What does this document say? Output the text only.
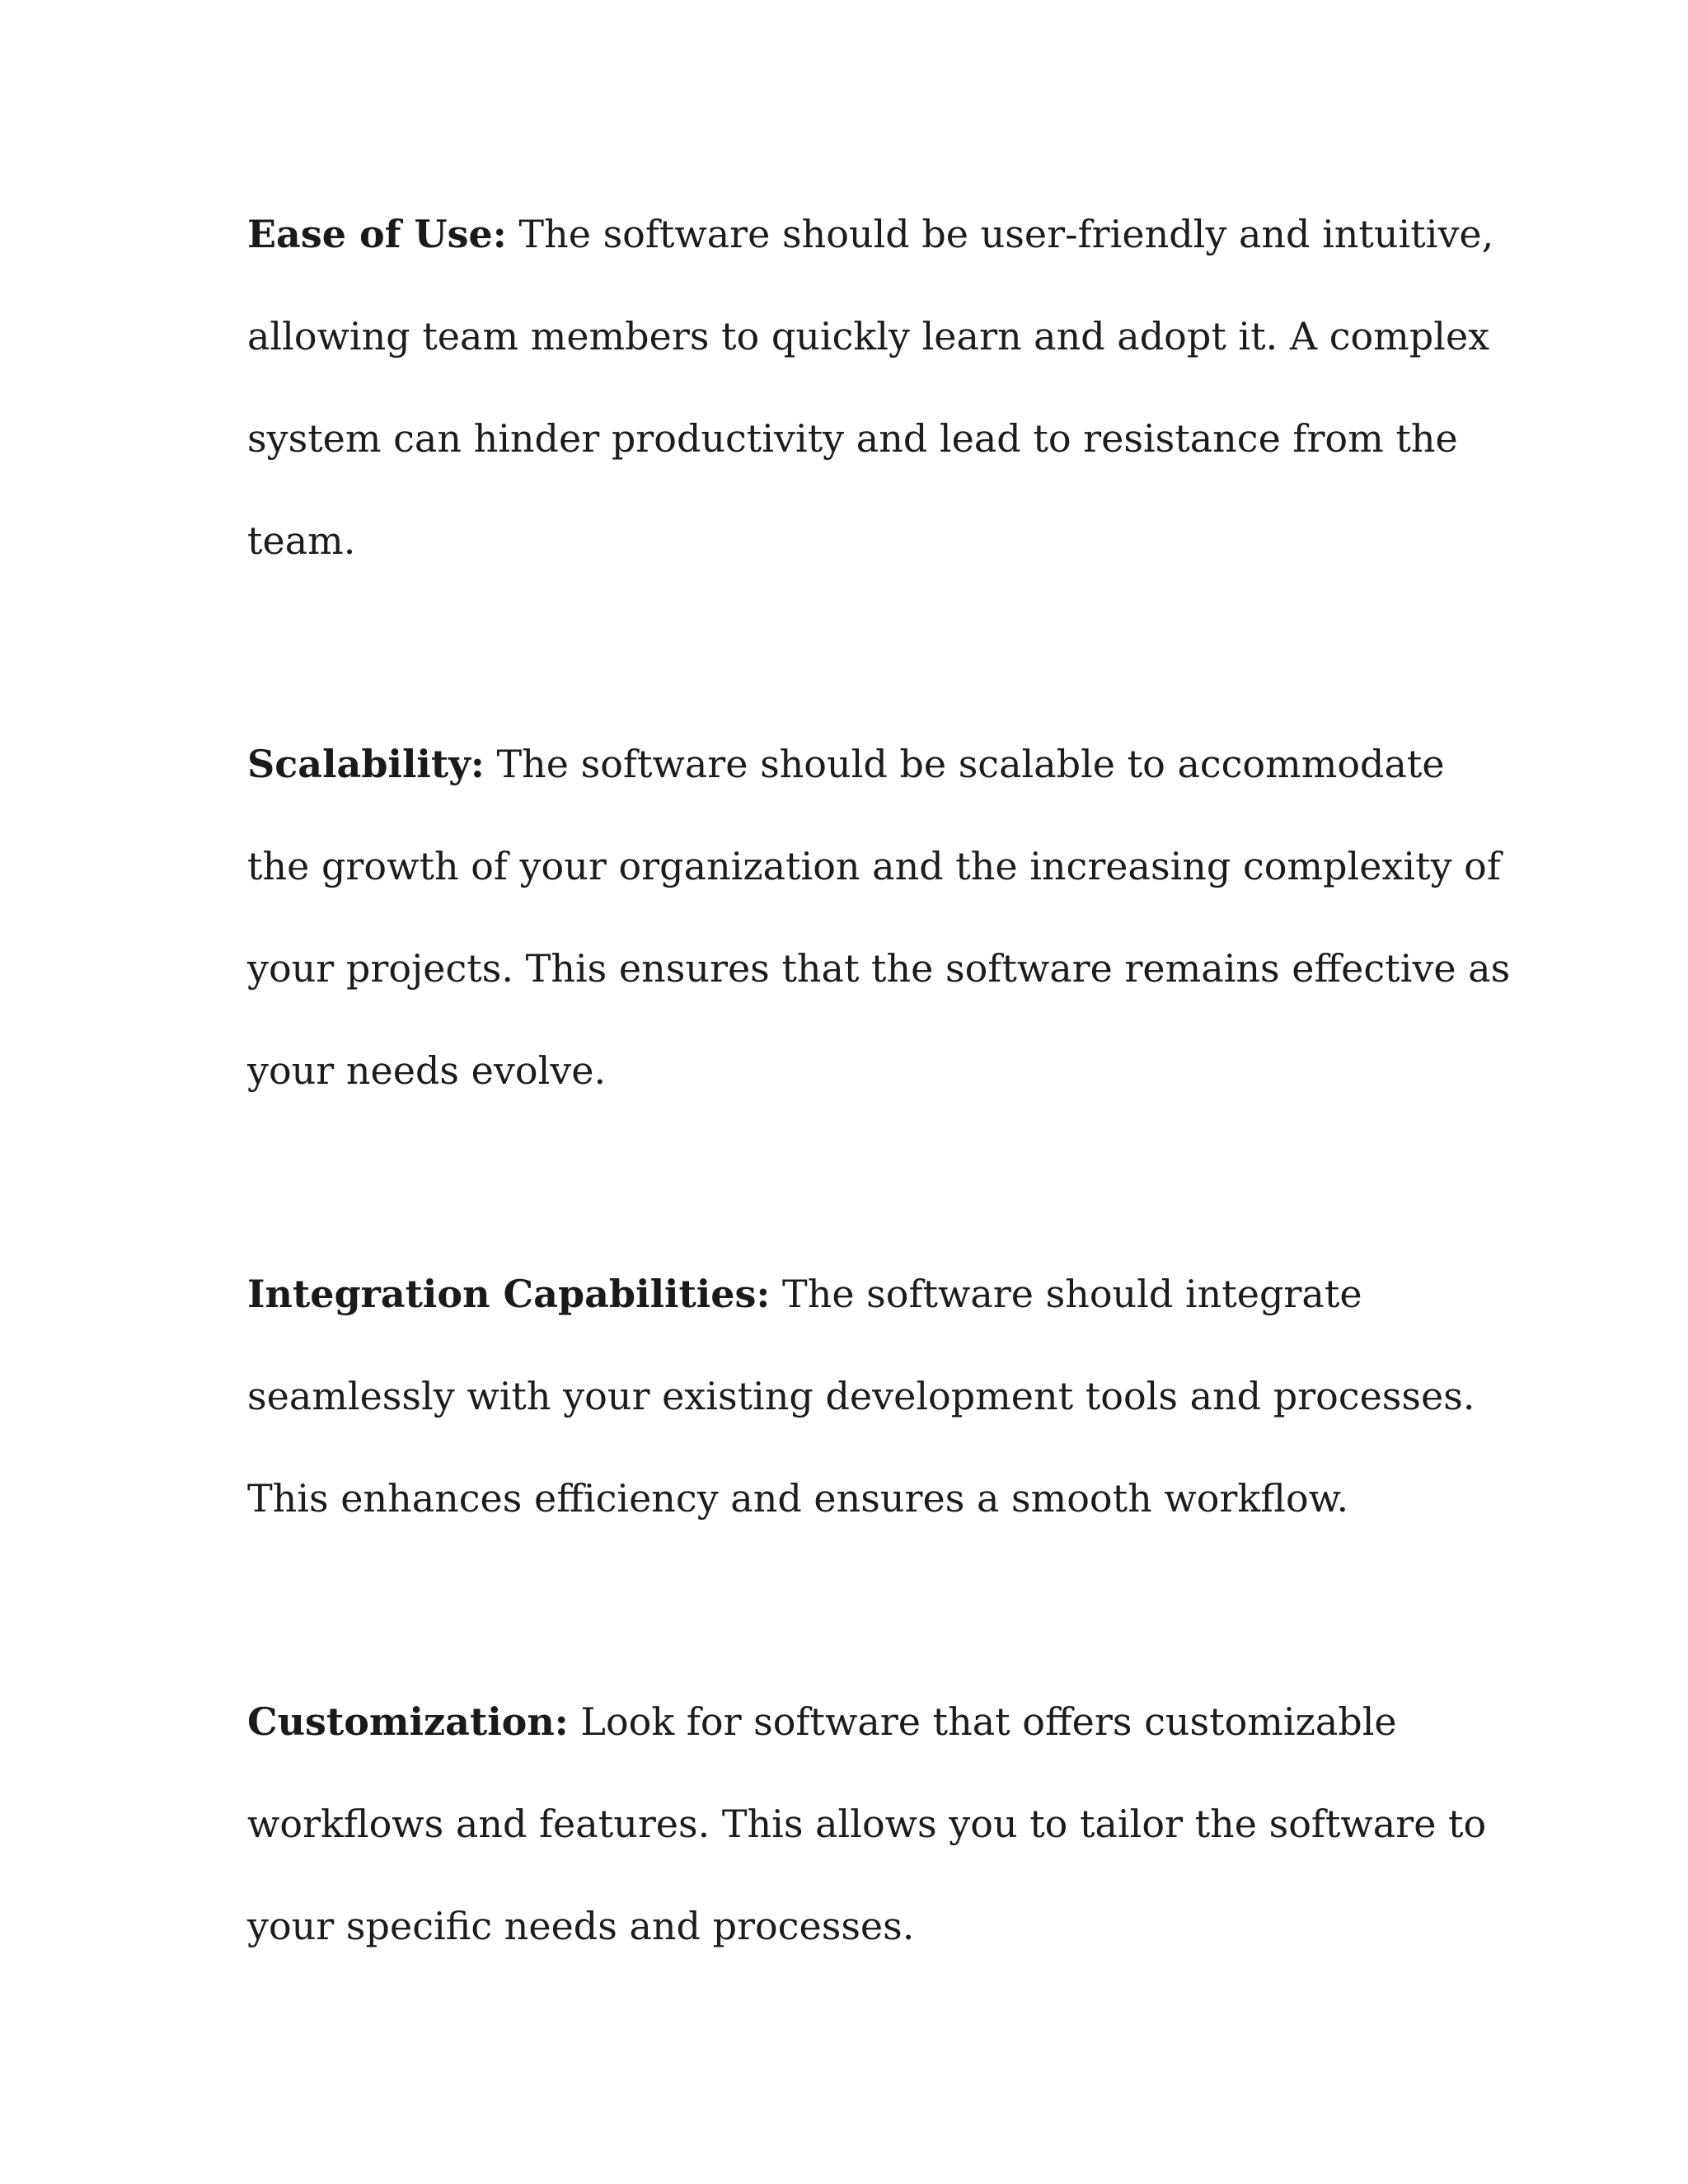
Ease of Use: The software should be user-friendly and intuitive,
allowing team members to quickly learn and adopt it. A complex
system can hinder productivity and lead to resistance from the
team.

Scalability: The software should be scalable to accommodate
the growth of your organization and the increasing complexity of
your projects. This ensures that the software remains effective as
your needs evolve.

Integration Capabilities: The software should integrate
seamlessly with your existing development tools and processes.
This enhances efficiency and ensures a smooth workflow.

Customization: Look for software that offers customizable
workflows and features. This allows you to tailor the software to
your specific needs and processes.
